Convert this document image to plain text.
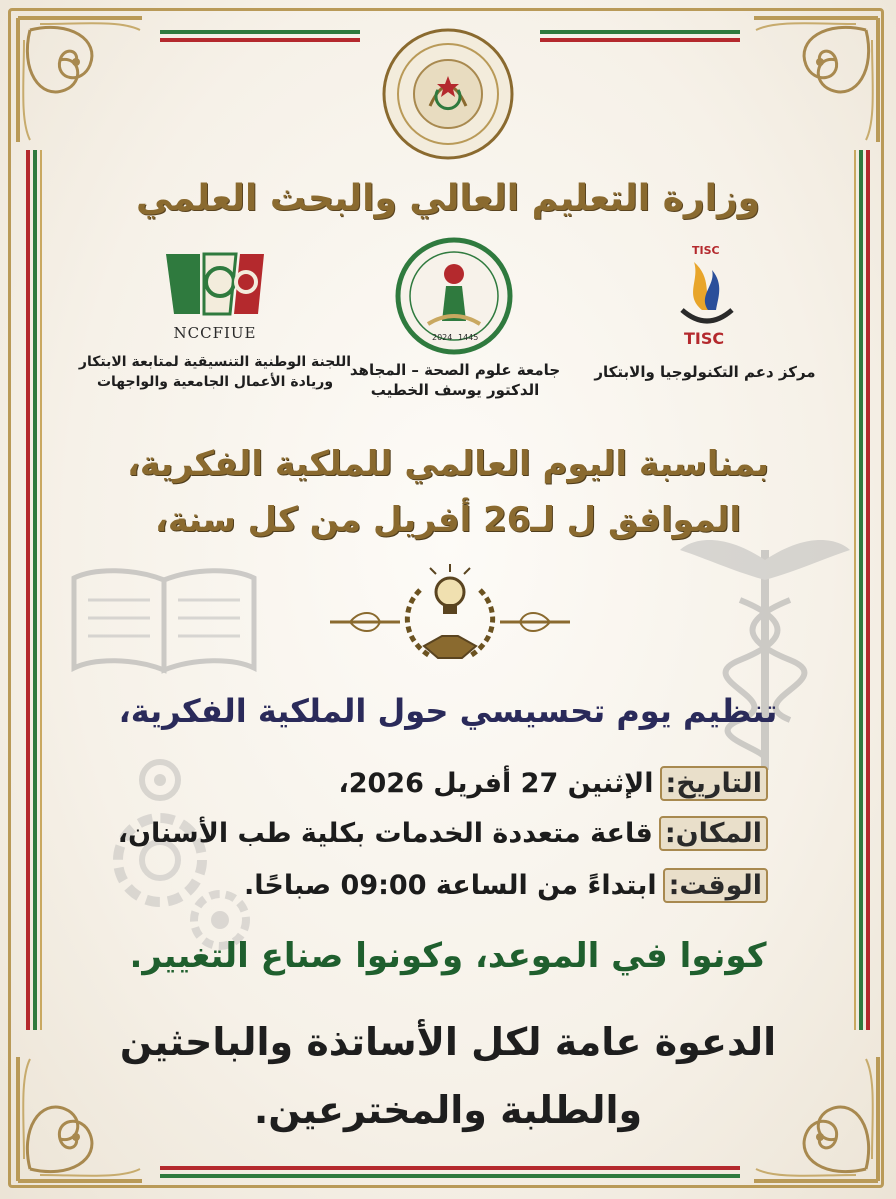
وزارة التعليم العالي والبحث العلمي
NCCFIUE
اللجنة الوطنية التنسيقية لمتابعة الابتكار
وريادة الأعمال الجامعية والواجهات
2024 1445
جامعة علوم الصحة – المجاهد
الدكتور يوسف الخطيب
TISC
TISC
مركز دعم التكنولوجيا والابتكار
بمناسبة اليوم العالمي للملكية الفكرية،
الموافق ل لـ26 أفريل من كل سنة،
تنظيم يوم تحسيسي حول الملكية الفكرية،
التاريخ:
الإثنين 27 أفريل 2026،
المكان:
قاعة متعددة الخدمات بكلية طب الأسنان،
الوقت:
ابتداءً من الساعة 09:00 صباحًا.
كونوا في الموعد، وكونوا صناع التغيير.
الدعوة عامة لكل الأساتذة والباحثين
والطلبة والمخترعين.
